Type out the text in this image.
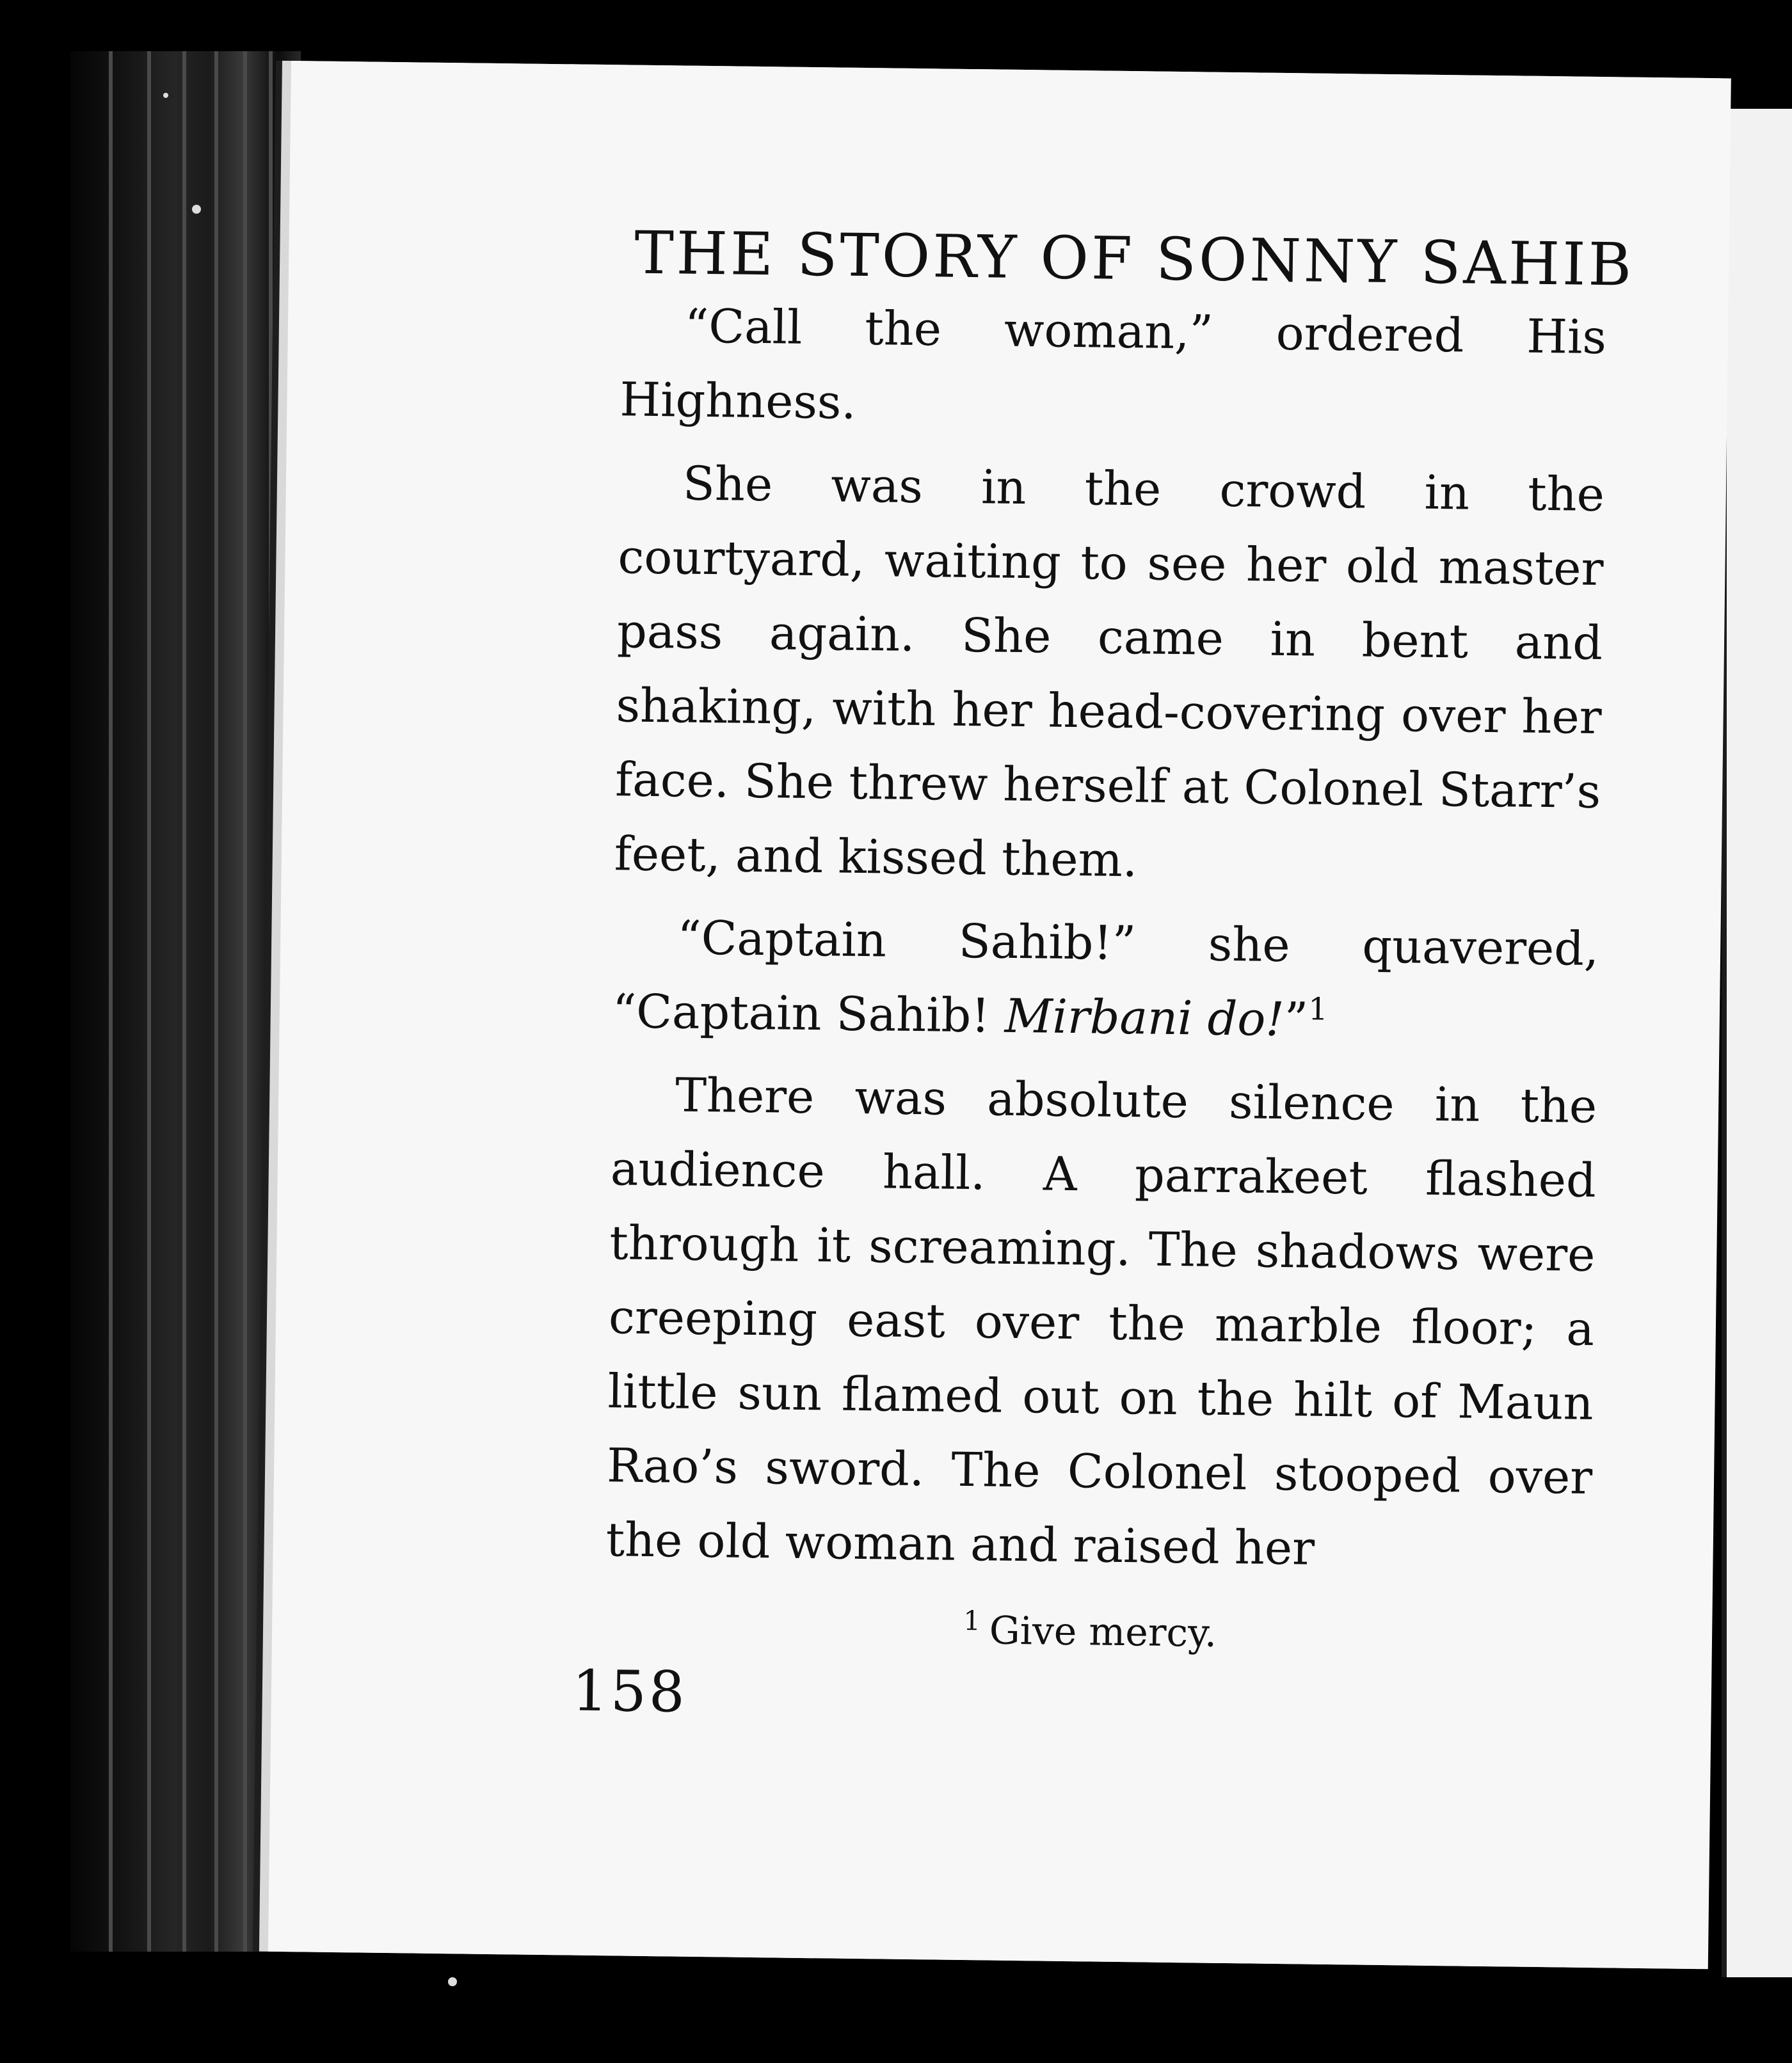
THE STORY OF SONNY SAHIB

“Call the woman,” ordered His Highness.

She was in the crowd in the courtyard, waiting to see her old master pass again. She came in bent and shaking, with her head-covering over her face. She threw herself at Colonel Starr’s feet, and kissed them.

“Captain Sahib!” she quavered, “Captain Sahib! Mirbani do!”$^1$

There was absolute silence in the audience hall. A parrakeet flashed through it screaming. The shadows were creeping east over the marble floor; a little sun flamed out on the hilt of Maun Rao’s sword. The Colonel stooped over the old woman and raised her

$^1$ Give mercy.
158
